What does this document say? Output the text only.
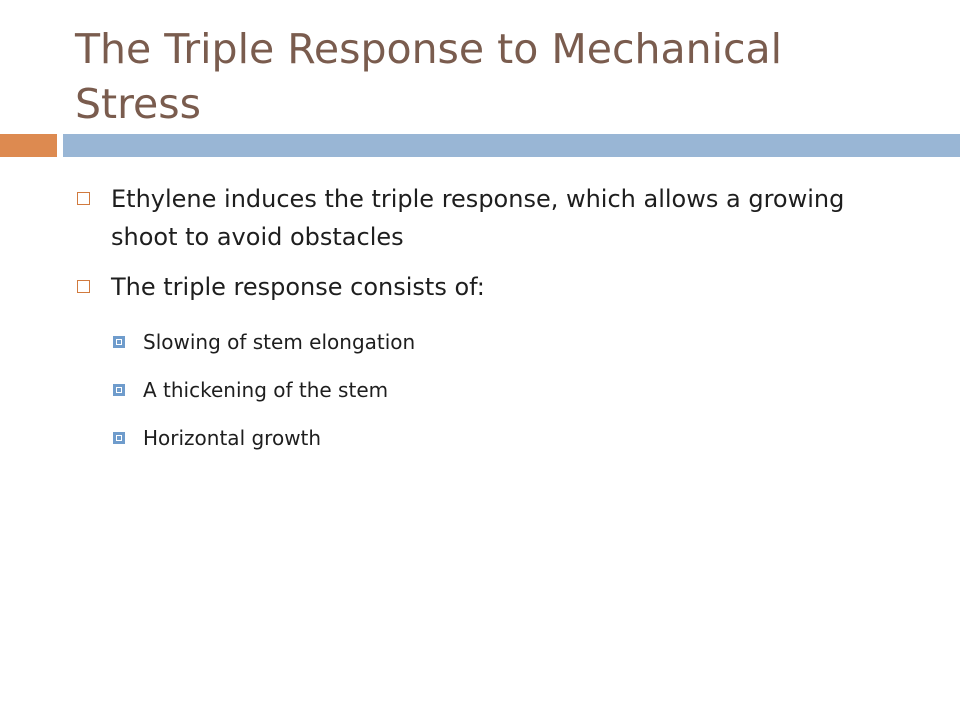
The Triple Response to Mechanical Stress
Ethylene induces the triple response, which allows a growing shoot to avoid obstacles
The triple response consists of:
Slowing of stem elongation
A thickening of the stem
Horizontal growth
